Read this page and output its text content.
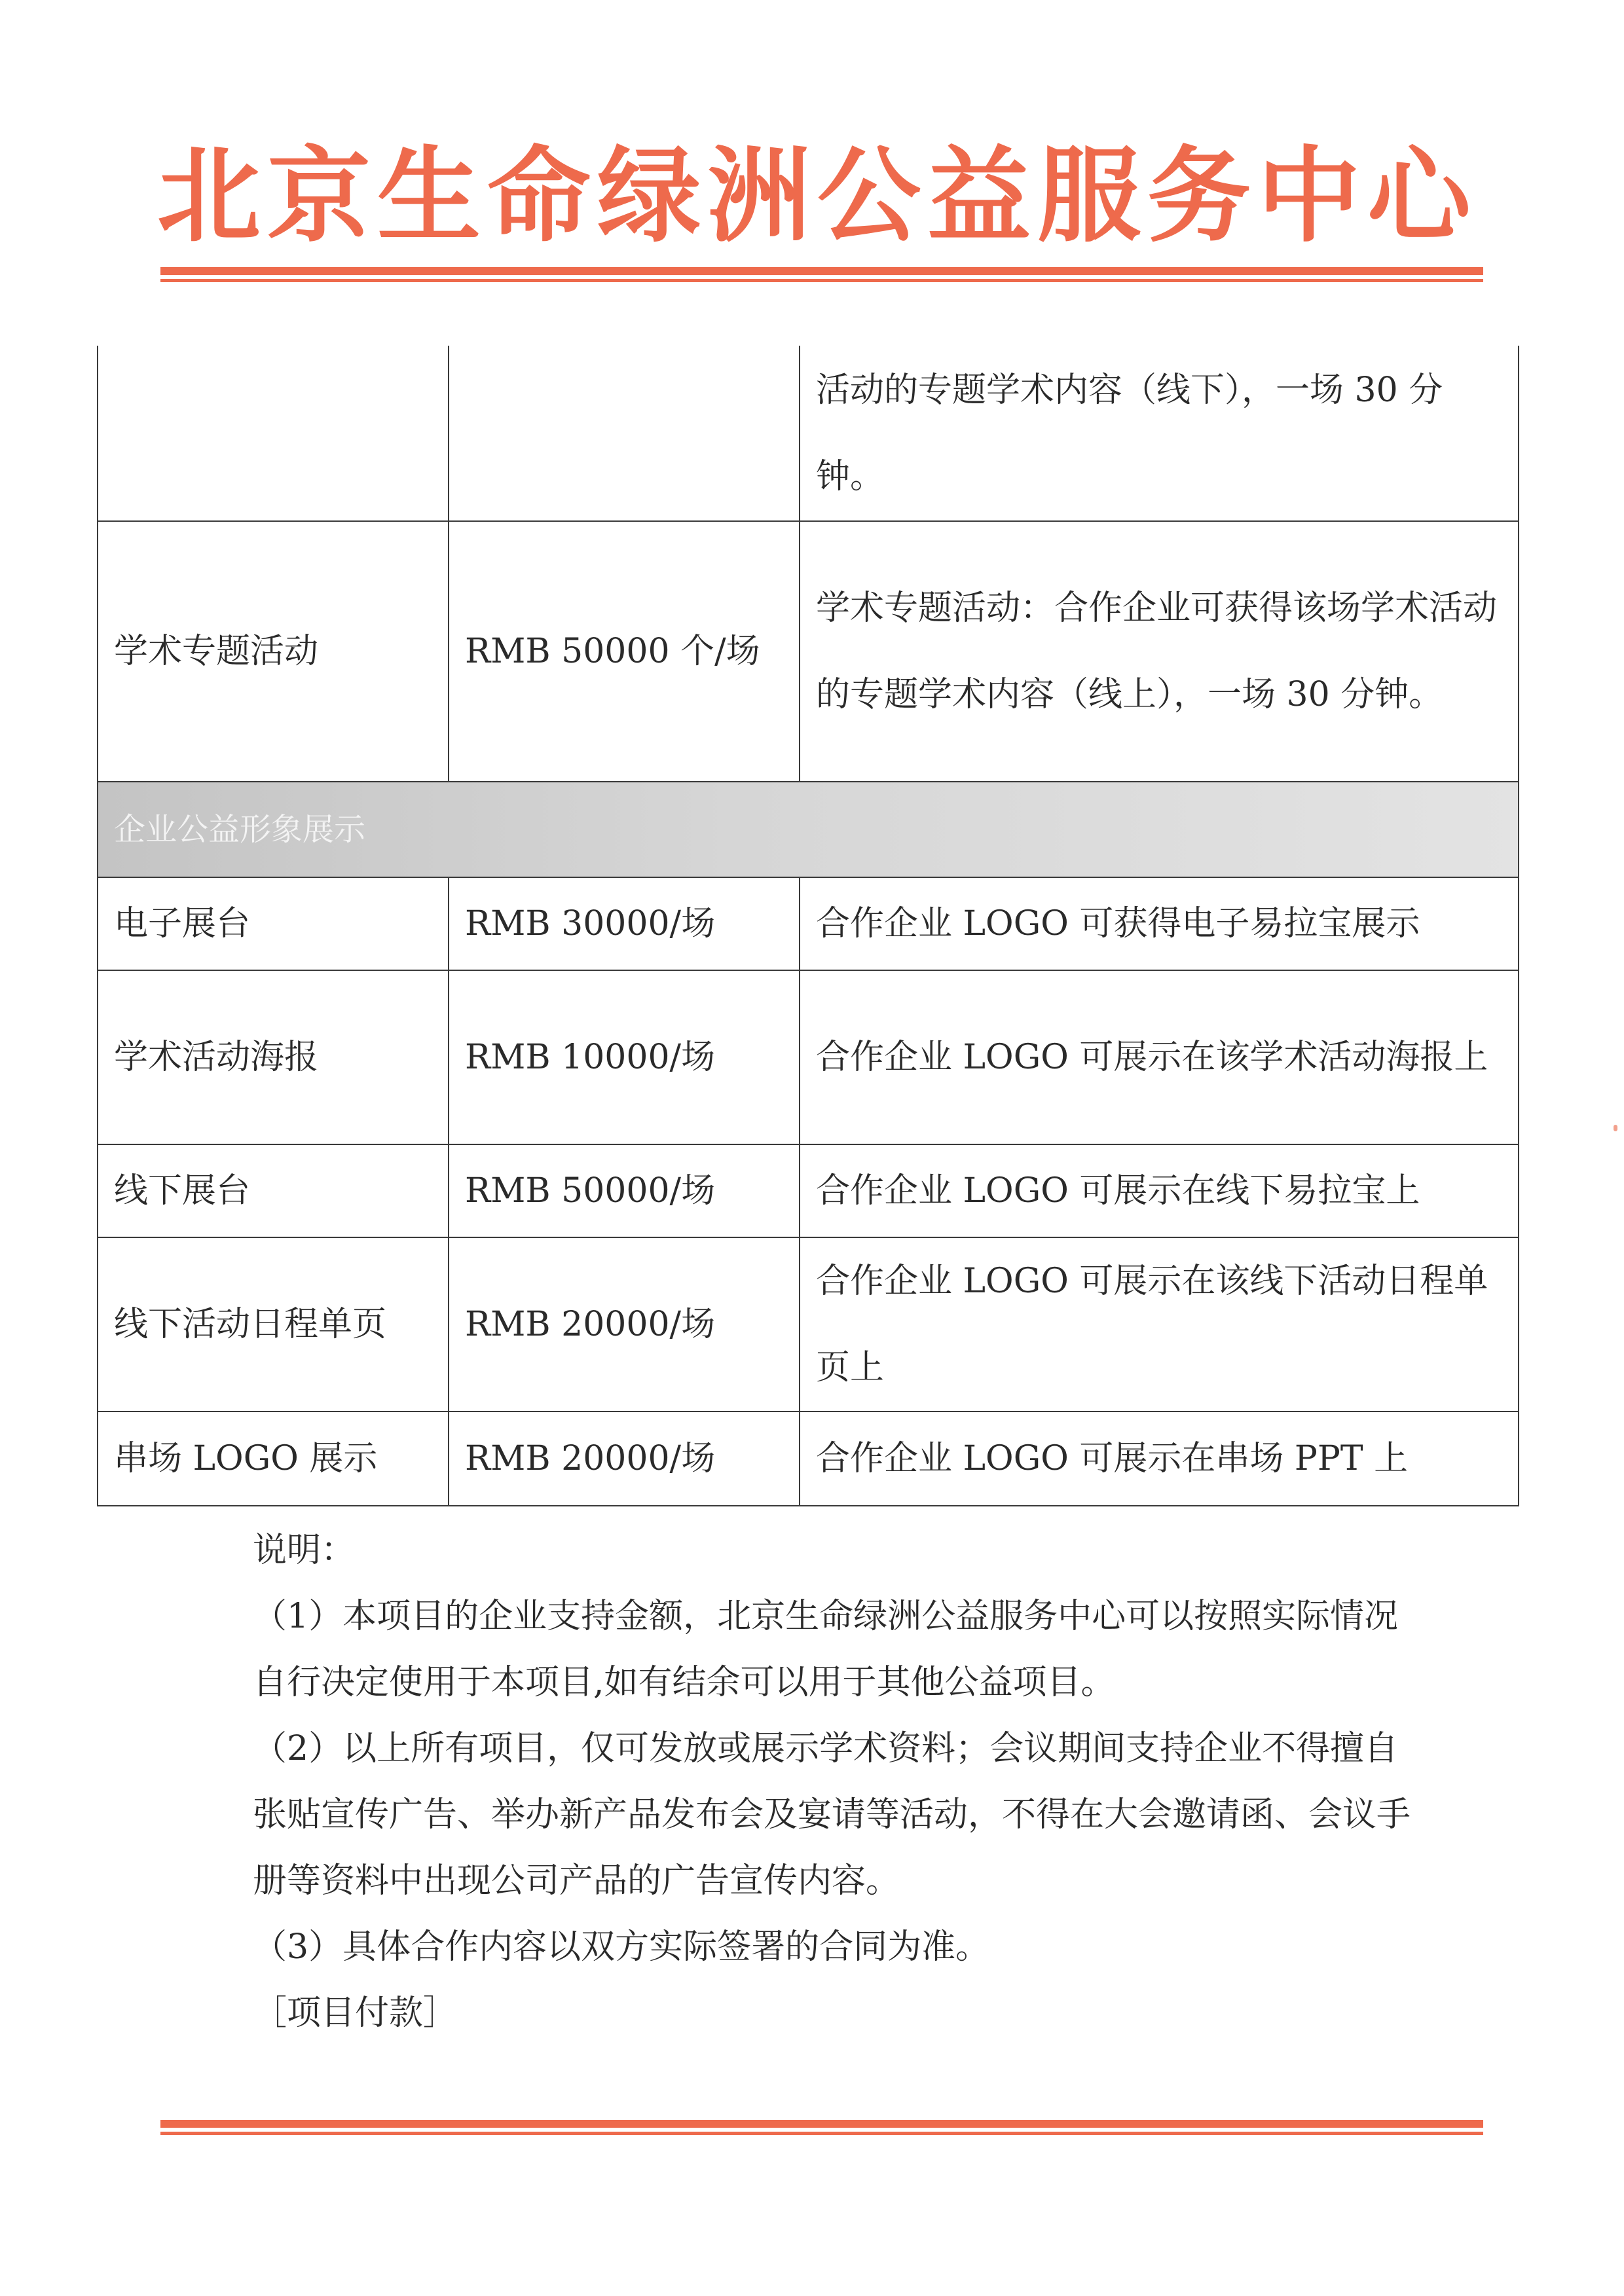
北京生命绿洲公益服务中心
		活动的专题学术内容（线下），一场 30 分钟。
学术专题活动	RMB 50000 个/场	学术专题活动：合作企业可获得该场学术活动的专题学术内容（线上），一场 30 分钟。
企业公益形象展示		
电子展台	RMB 30000/场	合作企业 LOGO 可获得电子易拉宝展示
学术活动海报	RMB 10000/场	合作企业 LOGO 可展示在该学术活动海报上
线下展台	RMB 50000/场	合作企业 LOGO 可展示在线下易拉宝上
线下活动日程单页	RMB 20000/场	合作企业 LOGO 可展示在该线下活动日程单页上
串场 LOGO 展示	RMB 20000/场	合作企业 LOGO 可展示在串场 PPT 上

说明：

（1）本项目的企业支持金额，北京生命绿洲公益服务中心可以按照实际情况自行决定使用于本项目,如有结余可以用于其他公益项目。

（2）以上所有项目，仅可发放或展示学术资料；会议期间支持企业不得擅自张贴宣传广告、举办新产品发布会及宴请等活动，不得在大会邀请函、会议手册等资料中出现公司产品的广告宣传内容。

（3）具体合作内容以双方实际签署的合同为准。

［项目付款］
